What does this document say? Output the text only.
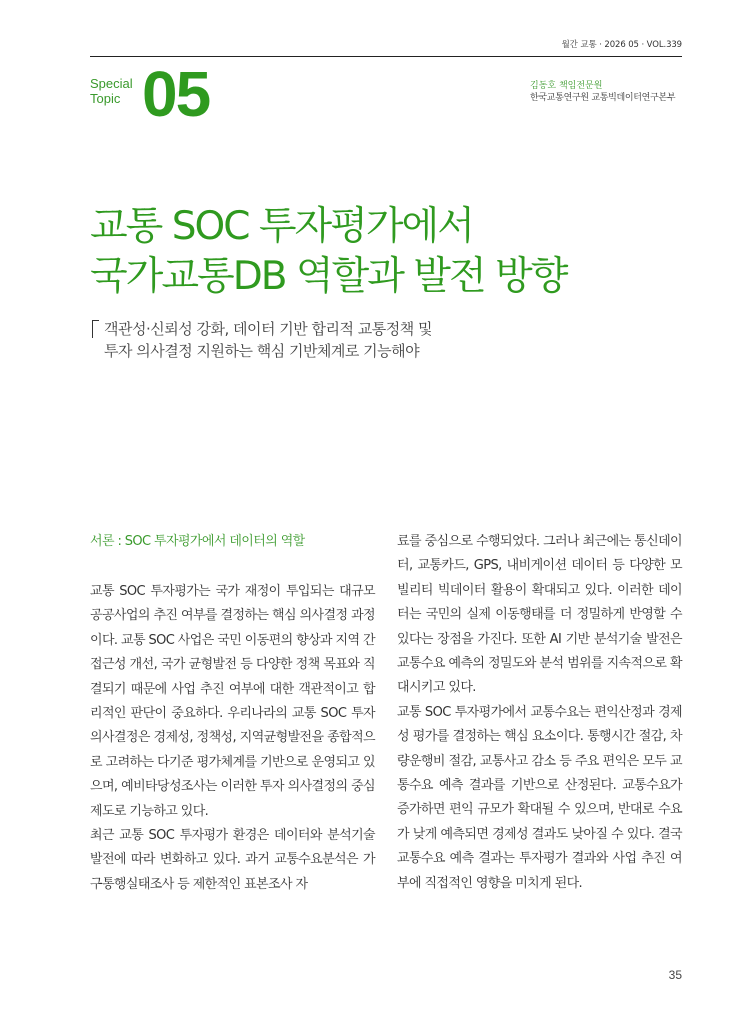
월간 교통 · 2026 05 · VOL.339
Special
Topic 05	김동호 책임전문원
한국교통연구원 교통빅데이터연구본부
교통 SOC 투자평가에서
국가교통DB 역할과 발전 방향
객관성·신뢰성 강화, 데이터 기반 합리적 교통정책 및
투자 의사결정 지원하는 핵심 기반체계로 기능해야
서론 : SOC 투자평가에서 데이터의 역할

교통 SOC 투자평가는 국가 재정이 투입되는 대규모 공공사업의 추진 여부를 결정하는 핵심 의사결정 과정이다. 교통 SOC 사업은 국민 이동편의 향상과 지역 간 접근성 개선, 국가 균형발전 등 다양한 정책 목표와 직결되기 때문에 사업 추진 여부에 대한 객관적이고 합리적인 판단이 중요하다. 우리나라의 교통 SOC 투자 의사결정은 경제성, 정책성, 지역균형발전을 종합적으로 고려하는 다기준 평가체계를 기반으로 운영되고 있으며, 예비타당성조사는 이러한 투자 의사결정의 중심 제도로 기능하고 있다.

최근 교통 SOC 투자평가 환경은 데이터와 분석기술 발전에 따라 변화하고 있다. 과거 교통수요분석은 가구통행실태조사 등 제한적인 표본조사 자

료를 중심으로 수행되었다. 그러나 최근에는 통신데이터, 교통카드, GPS, 내비게이션 데이터 등 다양한 모빌리티 빅데이터 활용이 확대되고 있다. 이러한 데이터는 국민의 실제 이동행태를 더 정밀하게 반영할 수 있다는 장점을 가진다. 또한 AI 기반 분석기술 발전은 교통수요 예측의 정밀도와 분석 범위를 지속적으로 확대시키고 있다.

교통 SOC 투자평가에서 교통수요는 편익산정과 경제성 평가를 결정하는 핵심 요소이다. 통행시간 절감, 차량운행비 절감, 교통사고 감소 등 주요 편익은 모두 교통수요 예측 결과를 기반으로 산정된다. 교통수요가 증가하면 편익 규모가 확대될 수 있으며, 반대로 수요가 낮게 예측되면 경제성 결과도 낮아질 수 있다. 결국 교통수요 예측 결과는 투자평가 결과와 사업 추진 여부에 직접적인 영향을 미치게 된다.

35
